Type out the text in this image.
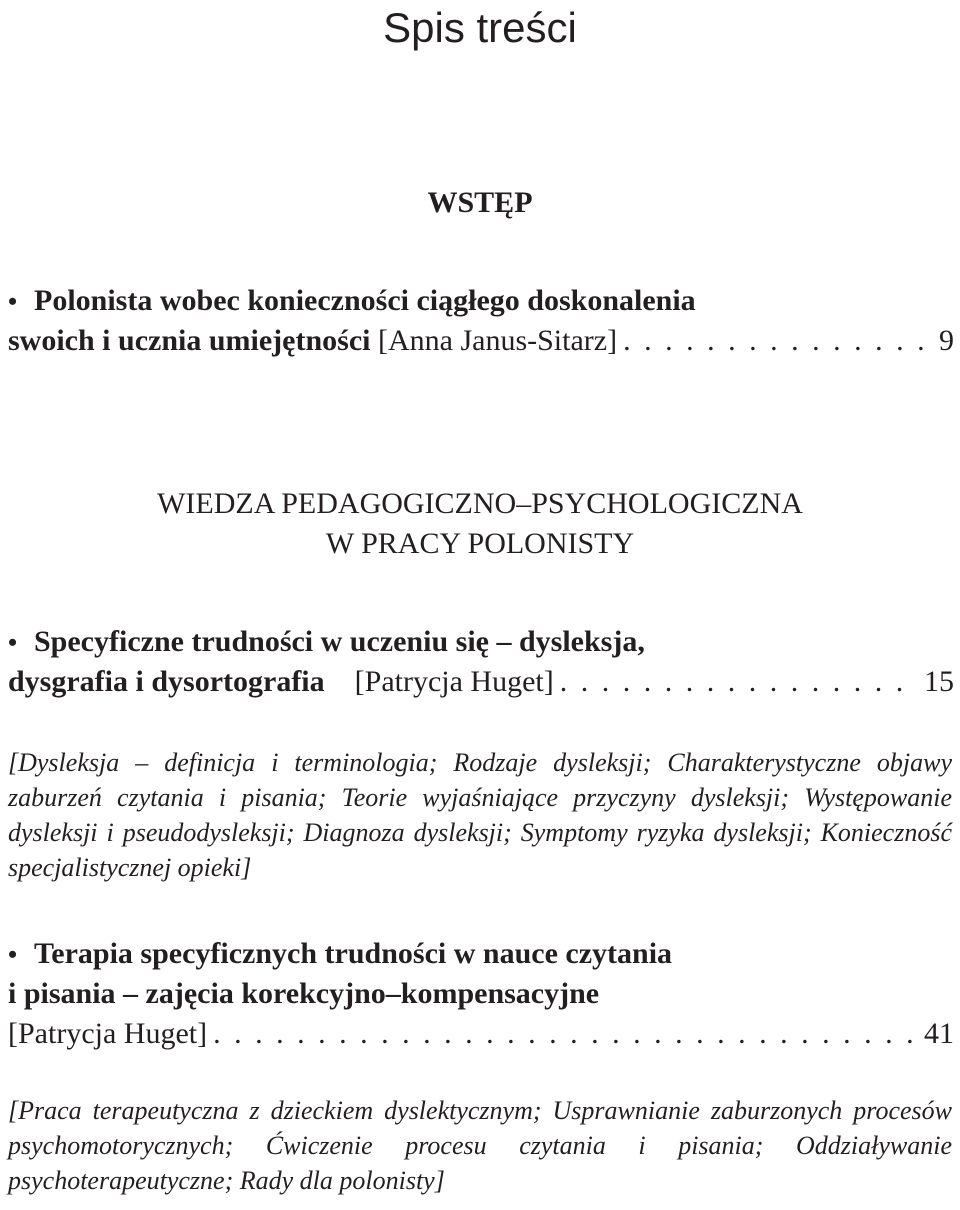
Spis treści
WSTĘP
• Polonista wobec konieczności ciągłego doskonalenia
swoich i ucznia umiejętności
[Anna Janus-Sitarz] . . .	9
WIEDZA PEDAGOGICZNO–PSYCHOLOGICZNA
W PRACY POLONISTY
• Specyficzne trudności w uczeniu się – dysleksja,
dysgrafia i dysortografia
[Patrycja Huget] . . .	15
[Dysleksja – definicja i terminologia; Rodzaje dysleksji; Charakterystyczne objawy zaburzeń czytania i pisania; Teorie wyjaśniające przyczyny dysleksji; Występowanie dysleksji i pseudodysleksji; Diagnoza dysleksji; Symptomy ryzyka dysleksji; Konieczność specjalistycznej opieki]
• Terapia specyficznych trudności w nauce czytania
i pisania – zajęcia korekcyjno–kompensacyjne
[Patrycja Huget] . . .	41
[Praca terapeutyczna z dzieckiem dyslektycznym; Usprawnianie zaburzonych procesów psychomotorycznych; Ćwiczenie procesu czytania i pisania; Oddziaływanie psychoterapeutyczne; Rady dla polonisty]
